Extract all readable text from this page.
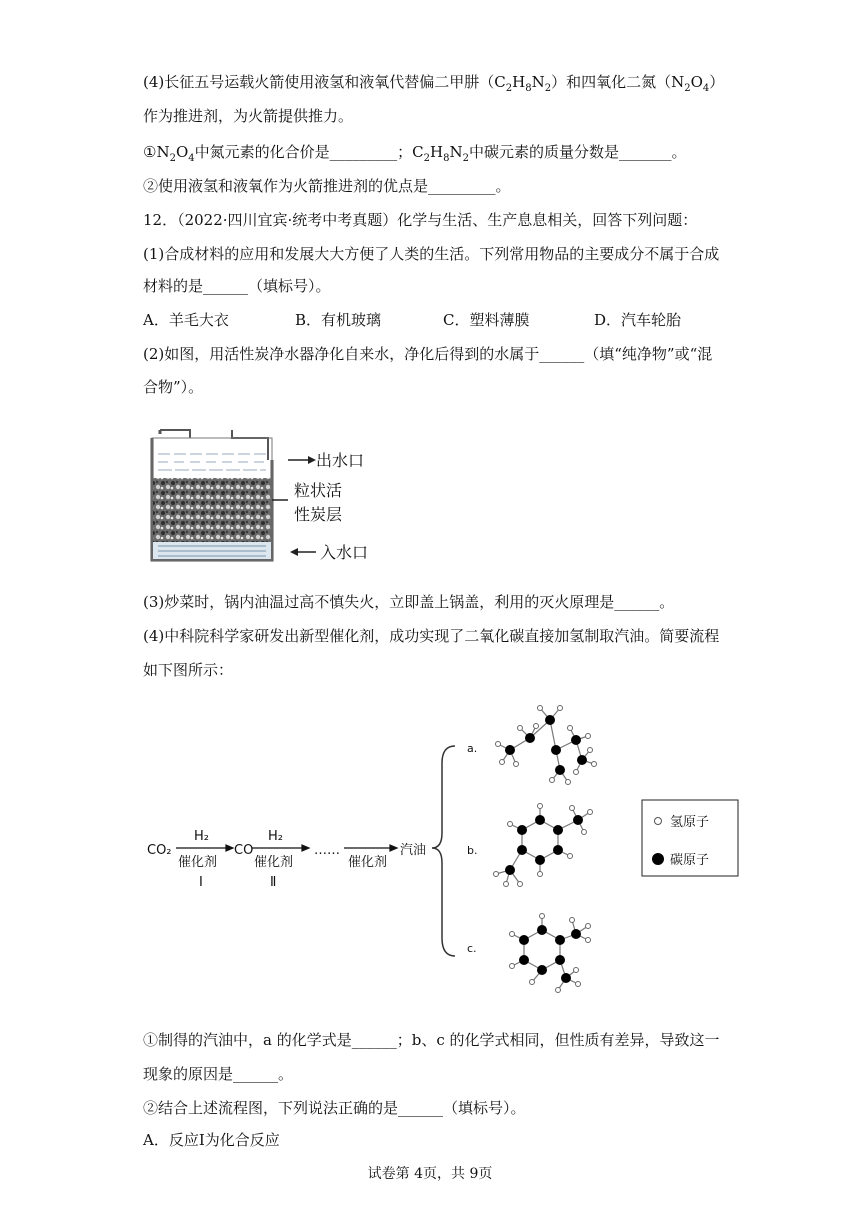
(4)长征五号运载火箭使用液氢和液氧代替偏二甲肼$(C_2H_8N_2)$和四氧化二氮$(N_2O_4)$
作为推进剂，为火箭提供推力。
$①N_2O_4$中氮元素的化合价是_________；$C_2H_8N_2$中碳元素的质量分数是_______。
②使用液氢和液氧作为火箭推进剂的优点是_________。
12．（2022·四川宜宾·统考中考真题）化学与生活、生产息息相关，回答下列问题：
(1)合成材料的应用和发展大大方便了人类的生活。下列常用物品的主要成分不属于合成
材料的是______（填标号）。
A．羊毛大衣	B．有机玻璃	C．塑料薄膜	D．汽车轮胎
(2)如图，用活性炭净水器净化自来水，净化后得到的水属于______（填“纯净物”或“混
合物”）。
出水口
粒状活
性炭层
入水口
(3)炒菜时，锅内油温过高不慎失火，立即盖上锅盖，利用的灭火原理是______。
(4)中科院科学家研发出新型催化剂，成功实现了二氧化碳直接加氢制取汽油。简要流程
如下图所示：
CO₂
H₂
催化剂
Ⅰ
CO
H₂
催化剂
Ⅱ
……
催化剂
汽油
a.
b.
c.
氢原子
碳原子
①制得的汽油中，a 的化学式是______；b、c 的化学式相同，但性质有差异，导致这一
现象的原因是______。
②结合上述流程图，下列说法正确的是______（填标号）。
A．反应Ⅰ为化合反应
试卷第 4页，共 9页
